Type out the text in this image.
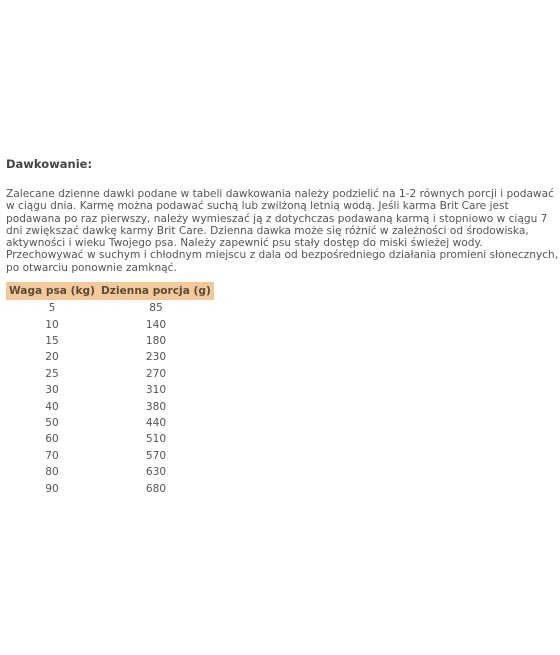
Dawkowanie:

Zalecane dzienne dawki podane w tabeli dawkowania należy podzielić na 1-2 równych porcji i podawać
w ciągu dnia. Karmę można podawać suchą lub zwilżoną letnią wodą. Jeśli karma Brit Care jest
podawana po raz pierwszy, należy wymieszać ją z dotychczas podawaną karmą i stopniowo w ciągu 7
dni zwiększać dawkę karmy Brit Care. Dzienna dawka może się różnić w zależności od środowiska,
aktywności i wieku Twojego psa. Należy zapewnić psu stały dostęp do miski świeżej wody.
Przechowywać w suchym i chłodnym miejscu z dala od bezpośredniego działania promieni słonecznych,
po otwarciu ponownie zamknąć.

Waga psa (kg)	Dzienna porcja (g)
5	85
10	140
15	180
20	230
25	270
30	310
40	380
50	440
60	510
70	570
80	630
90	680
